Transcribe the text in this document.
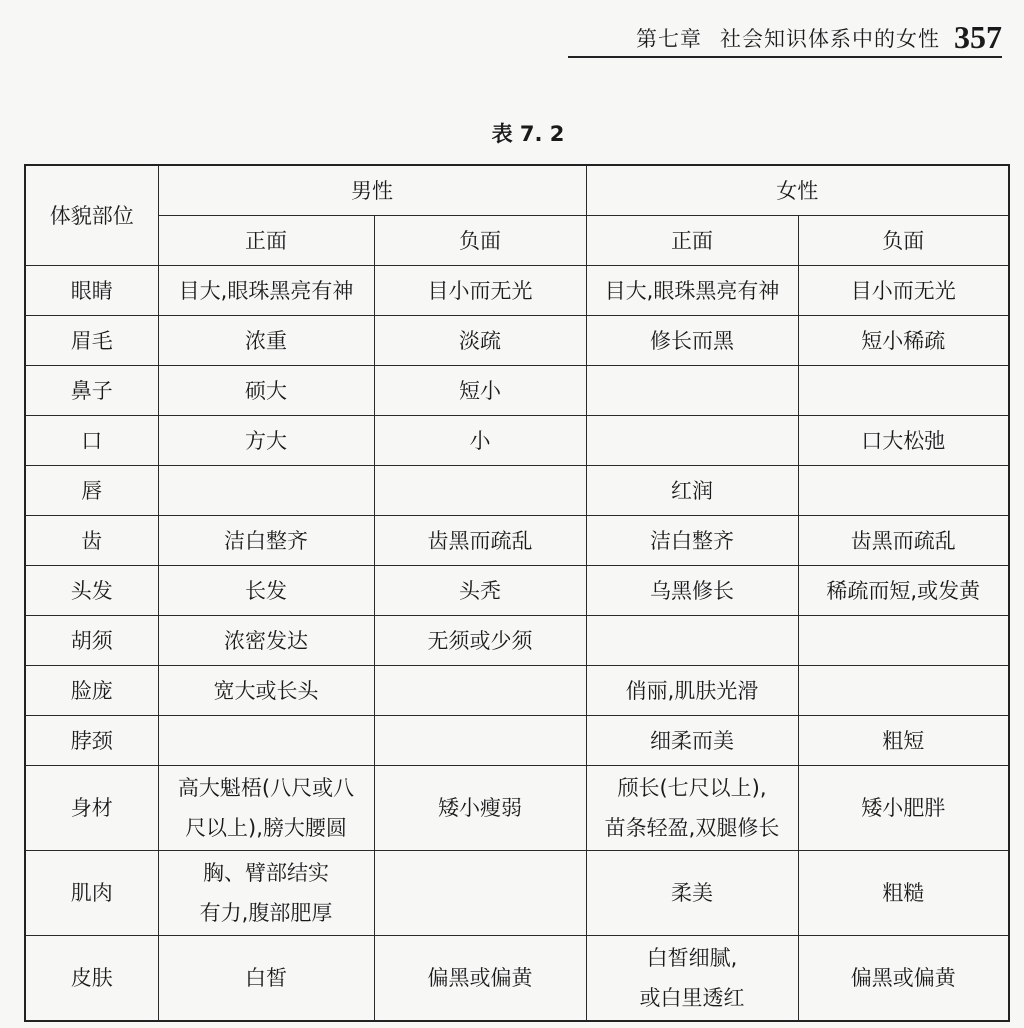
第七章 社会知识体系中的女性 357
表 7. 2
体貌部位	男性		女性	
	正面	负面	正面	负面
眼睛	目大,眼珠黑亮有神	目小而无光	目大,眼珠黑亮有神	目小而无光
眉毛	浓重	淡疏	修长而黑	短小稀疏
鼻子	硕大	短小		
口	方大	小		口大松弛
唇			红润	
齿	洁白整齐	齿黑而疏乱	洁白整齐	齿黑而疏乱
头发	长发	头秃	乌黑修长	稀疏而短,或发黄
胡须	浓密发达	无须或少须		
脸庞	宽大或长头		俏丽,肌肤光滑	
脖颈			细柔而美	粗短
身材	高大魁梧(八尺或八
尺以上),膀大腰圆	矮小瘦弱	颀长(七尺以上),
苗条轻盈,双腿修长	矮小肥胖
肌肉	胸、臂部结实
有力,腹部肥厚		柔美	粗糙
皮肤	白皙	偏黑或偏黄	白皙细腻,
或白里透红	偏黑或偏黄
